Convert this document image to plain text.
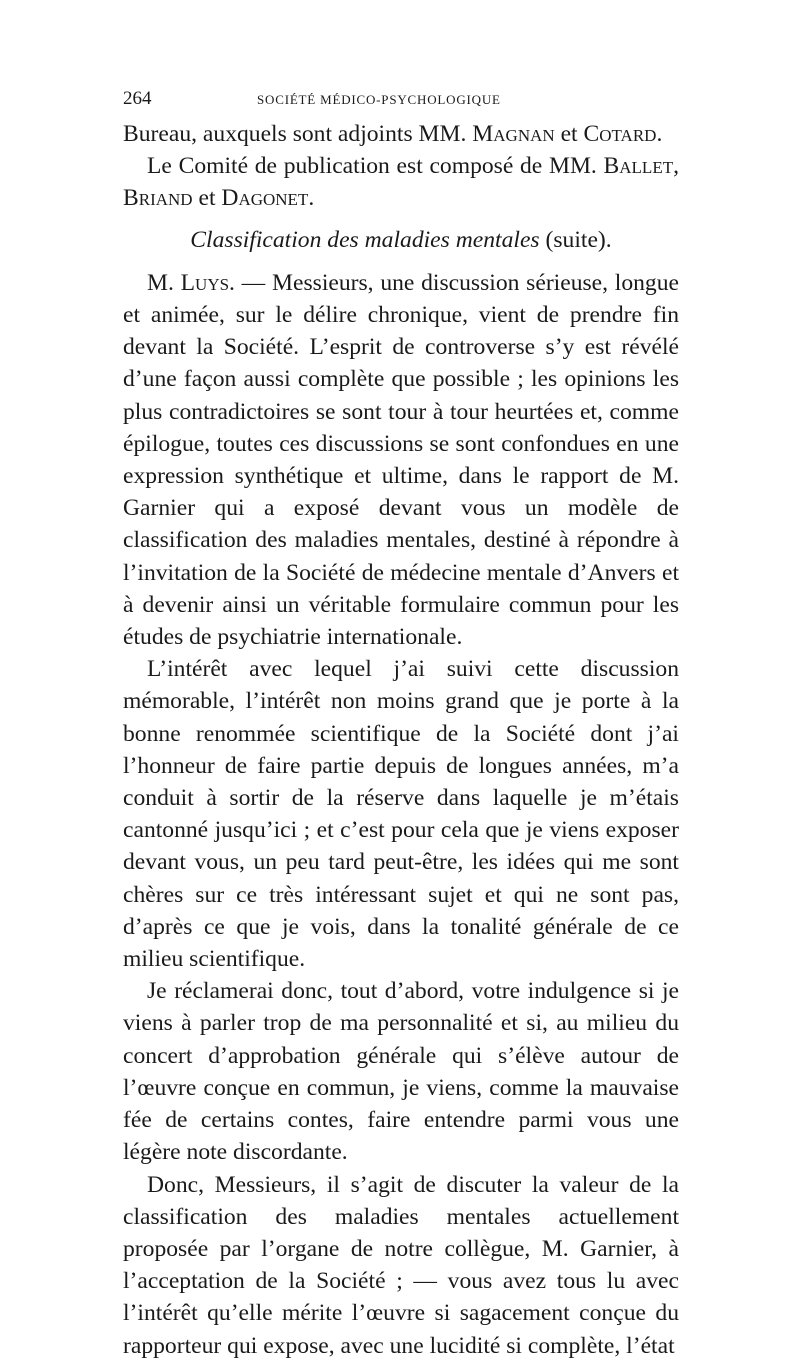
264	SOCIÉTÉ MÉDICO-PSYCHOLOGIQUE

Bureau, auxquels sont adjoints MM. Magnan et Cotard.

Le Comité de publication est composé de MM. Ballet, Briand et Dagonet.

Classification des maladies mentales (suite).

M. Luys. — Messieurs, une discussion sérieuse, longue et animée, sur le délire chronique, vient de prendre fin devant la Société. L’esprit de controverse s’y est révélé d’une façon aussi complète que possible ; les opinions les plus contradictoires se sont tour à tour heurtées et, comme épilogue, toutes ces discussions se sont confondues en une expression synthétique et ultime, dans le rapport de M. Garnier qui a exposé devant vous un modèle de classification des maladies mentales, destiné à répondre à l’invitation de la Société de médecine mentale d’Anvers et à devenir ainsi un véritable formulaire commun pour les études de psychiatrie internationale.

L’intérêt avec lequel j’ai suivi cette discussion mémorable, l’intérêt non moins grand que je porte à la bonne renommée scientifique de la Société dont j’ai l’honneur de faire partie depuis de longues années, m’a conduit à sortir de la réserve dans laquelle je m’étais cantonné jusqu’ici ; et c’est pour cela que je viens exposer devant vous, un peu tard peut-être, les idées qui me sont chères sur ce très intéressant sujet et qui ne sont pas, d’après ce que je vois, dans la tonalité générale de ce milieu scientifique.

Je réclamerai donc, tout d’abord, votre indulgence si je viens à parler trop de ma personnalité et si, au milieu du concert d’approbation générale qui s’élève autour de l’œuvre conçue en commun, je viens, comme la mauvaise fée de certains contes, faire entendre parmi vous une légère note discordante.

Donc, Messieurs, il s’agit de discuter la valeur de la classification des maladies mentales actuellement proposée par l’organe de notre collègue, M. Garnier, à l’acceptation de la Société ; — vous avez tous lu avec l’intérêt qu’elle mérite l’œuvre si sagacement conçue du rapporteur qui expose, avec une lucidité si complète, l’état
